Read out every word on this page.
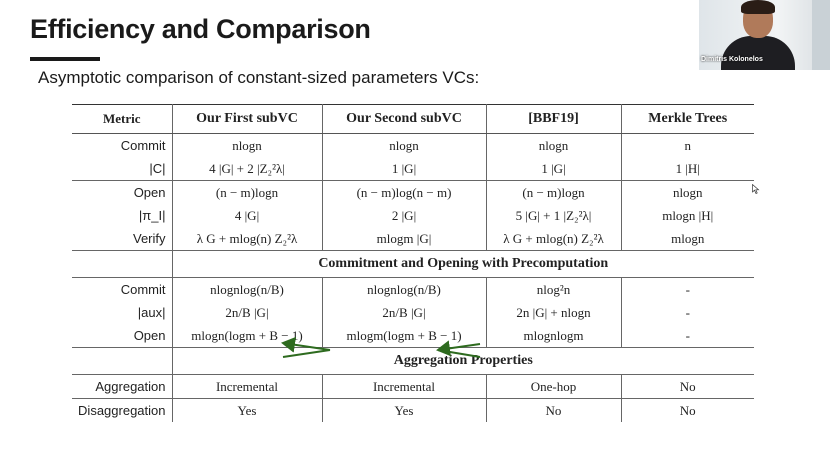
Efficiency and Comparison
Asymptotic comparison of constant-sized parameters VCs:
Dimitris Kolonelos
Metric	Our First subVC	Our Second subVC	[BBF19]	Merkle Trees
Commit	nlogn	nlogn	nlogn	n
|C|	4 |G| + 2 |Z₂²λ|	1 |G|	1 |G|	1 |H|
Open	(n − m)logn	(n − m)log(n − m)	(n − m)logn	nlogn
|π_I|	4 |G|	2 |G|	5 |G| + 1 |Z₂²λ|	mlogn |H|
Verify	λ G + mlog(n) Z₂²λ	mlogm |G|	λ G + mlog(n) Z₂²λ	mlogn
	Commitment and Opening with Precomputation			
Commit	nlognlog(n/B)	nlognlog(n/B)	nlog²n	-
|aux|	2n/B |G|	2n/B |G|	2n |G| + nlogn	-
Open	mlogn(logm + B − 1)	mlogm(logm + B − 1)	mlognlogm	-
	Aggregation Properties			
Aggregation	Incremental	Incremental	One-hop	No
Disaggregation	Yes	Yes	No	No
